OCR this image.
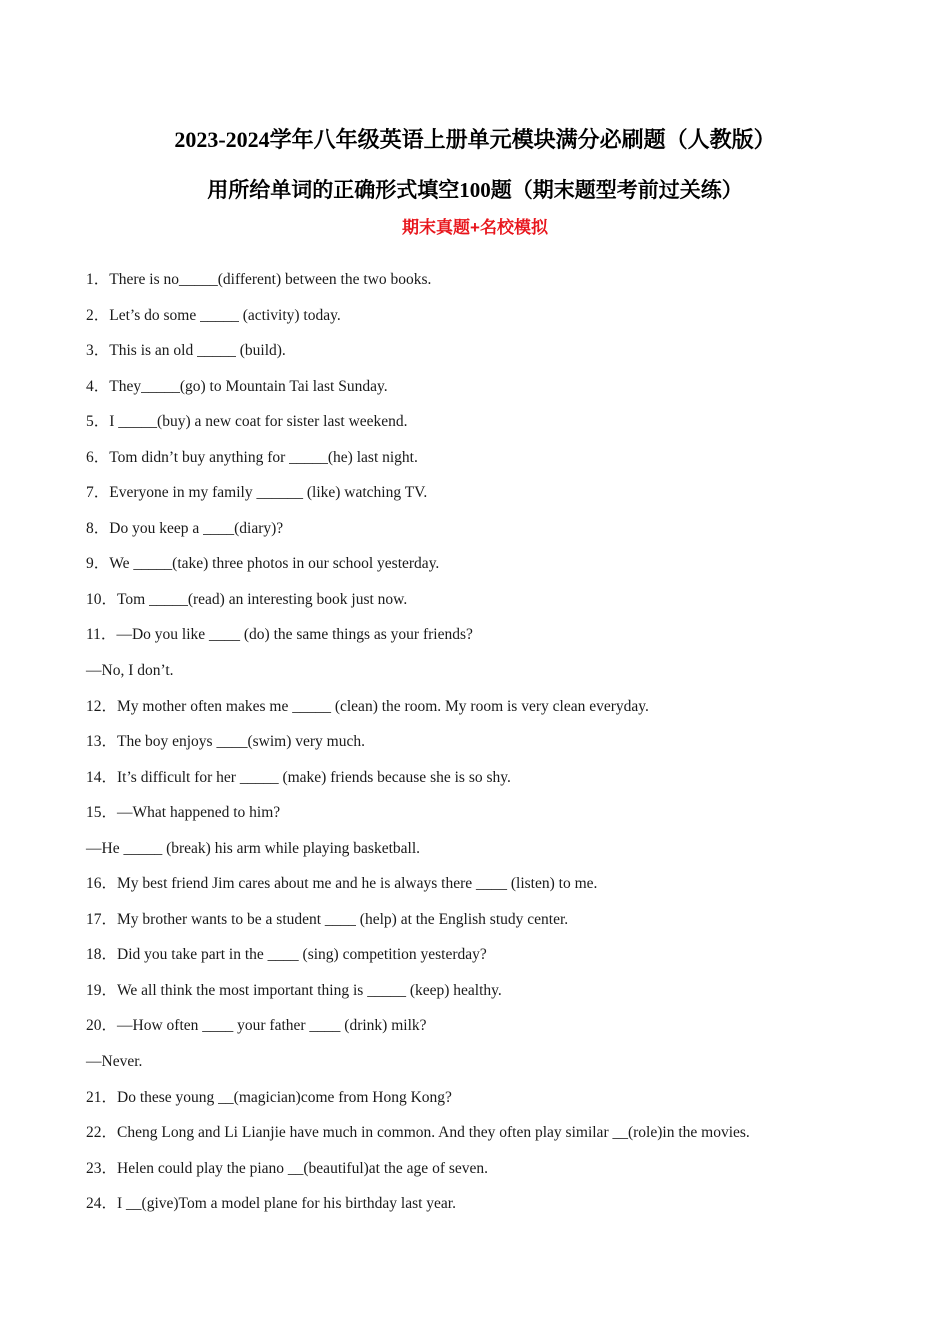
2023-2024学年八年级英语上册单元模块满分必刷题（人教版）
用所给单词的正确形式填空100题（期末题型考前过关练）
期末真题+名校模拟
1．There is no_____(different) between the two books.
2．Let’s do some _____ (activity) today.
3．This is an old _____ (build).
4．They_____(go) to Mountain Tai last Sunday.
5．I _____(buy) a new coat for sister last weekend.
6．Tom didn’t buy anything for _____(he) last night.
7．Everyone in my family ______ (like) watching TV.
8．Do you keep a ____(diary)?
9．We _____(take) three photos in our school yesterday.
10．Tom _____(read) an interesting book just now.
11．—Do you like ____ (do) the same things as your friends?
—No, I don’t.
12．My mother often makes me _____ (clean) the room. My room is very clean everyday.
13．The boy enjoys ____(swim) very much.
14．It’s difficult for her _____ (make) friends because she is so shy.
15．—What happened to him?
—He _____ (break) his arm while playing basketball.
16．My best friend Jim cares about me and he is always there ____ (listen) to me.
17．My brother wants to be a student ____ (help) at the English study center.
18．Did you take part in the ____ (sing) competition yesterday?
19．We all think the most important thing is _____ (keep) healthy.
20．—How often ____ your father ____ (drink) milk?
—Never.
21．Do these young __(magician)come from Hong Kong?
22．Cheng Long and Li Lianjie have much in common. And they often play similar __(role)in the movies.
23．Helen could play the piano __(beautiful)at the age of seven.
24．I __(give)Tom a model plane for his birthday last year.
